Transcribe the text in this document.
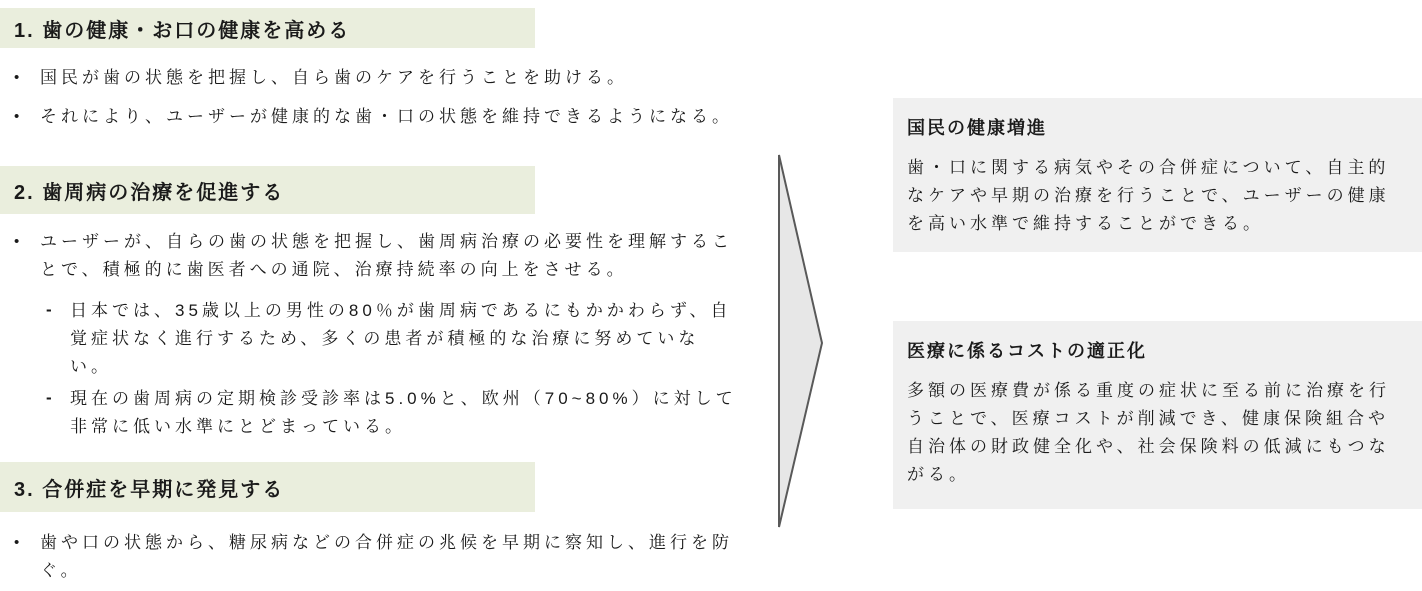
1. 歯の健康・お口の健康を高める
• 国民が歯の状態を把握し、自ら歯のケアを行うことを助ける。
• それにより、ユーザーが健康的な歯・口の状態を維持できるようになる。
2. 歯周病の治療を促進する
• ユーザーが、自らの歯の状態を把握し、歯周病治療の必要性を理解することで、積極的に歯医者への通院、治療持続率の向上をさせる。
- 日本では、35歳以上の男性の80％が歯周病であるにもかかわらず、自覚症状なく進行するため、多くの患者が積極的な治療に努めていない。
- 現在の歯周病の定期検診受診率は5.0%と、欧州（70~80%）に対して非常に低い水準にとどまっている。
3. 合併症を早期に発見する
• 歯や口の状態から、糖尿病などの合併症の兆候を早期に察知し、進行を防ぐ。
国民の健康増進
歯・口に関する病気やその合併症について、自主的なケアや早期の治療を行うことで、ユーザーの健康を高い水準で維持することができる。
医療に係るコストの適正化
多額の医療費が係る重度の症状に至る前に治療を行うことで、医療コストが削減でき、健康保険組合や自治体の財政健全化や、社会保険料の低減にもつながる。
